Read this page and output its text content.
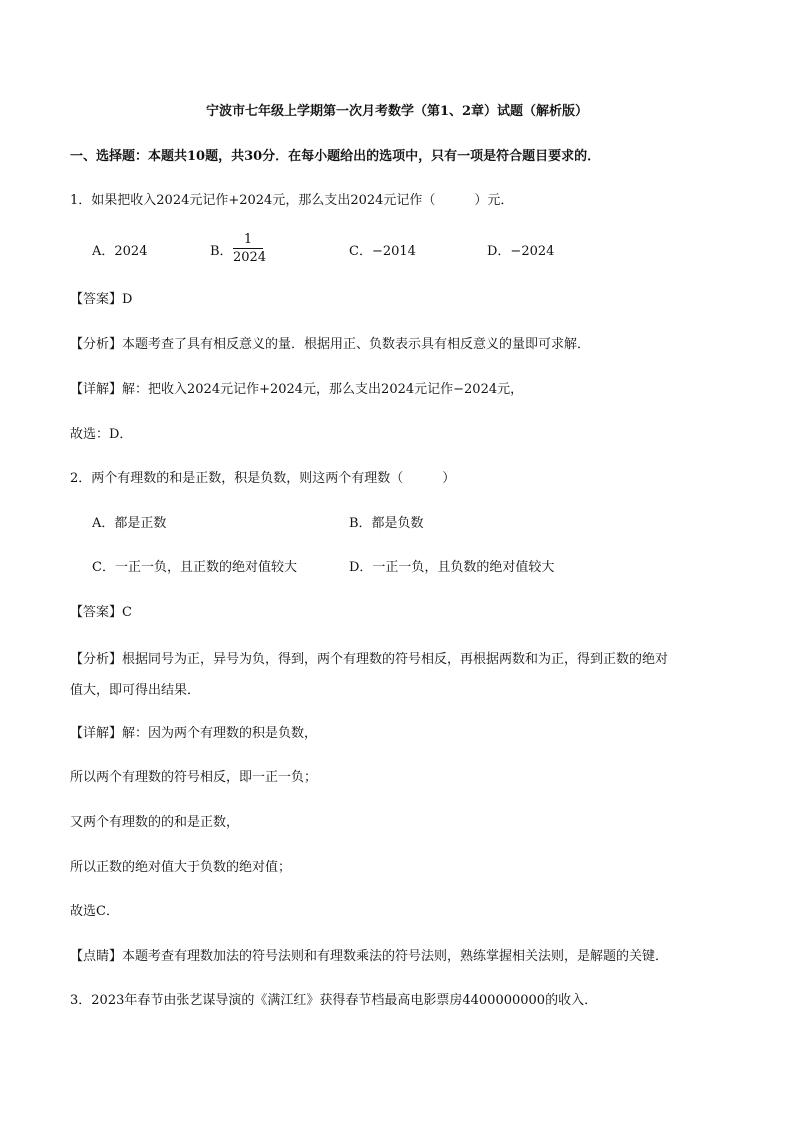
宁波市七年级上学期第一次月考数学（第1、2章）试题（解析版）
一、选择题：本题共10题，共30分．在每小题给出的选项中，只有一项是符合题目要求的．
1．如果把收入2024元记作+2024元，那么支出2024元记作（　　　）元．
A．2024	B．
1
2024	C．−2014	D．−2024
【答案】D
【分析】本题考查了具有相反意义的量．根据用正、负数表示具有相反意义的量即可求解．
【详解】解：把收入2024元记作+2024元，那么支出2024元记作−2024元，
故选：D．
2．两个有理数的和是正数，积是负数，则这两个有理数（　　　）
A．都是正数	B．都是负数
C．一正一负，且正数的绝对值较大	D．一正一负，且负数的绝对值较大
【答案】C
【分析】根据同号为正，异号为负，得到，两个有理数的符号相反，再根据两数和为正，得到正数的绝对
值大，即可得出结果．
【详解】解：因为两个有理数的积是负数，
所以两个有理数的符号相反，即一正一负；
又两个有理数的的和是正数，
所以正数的绝对值大于负数的绝对值；
故选C．
【点睛】本题考查有理数加法的符号法则和有理数乘法的符号法则，熟练掌握相关法则，是解题的关键．
3．2023年春节由张艺谋导演的《满江红》获得春节档最高电影票房4400000000的收入．
